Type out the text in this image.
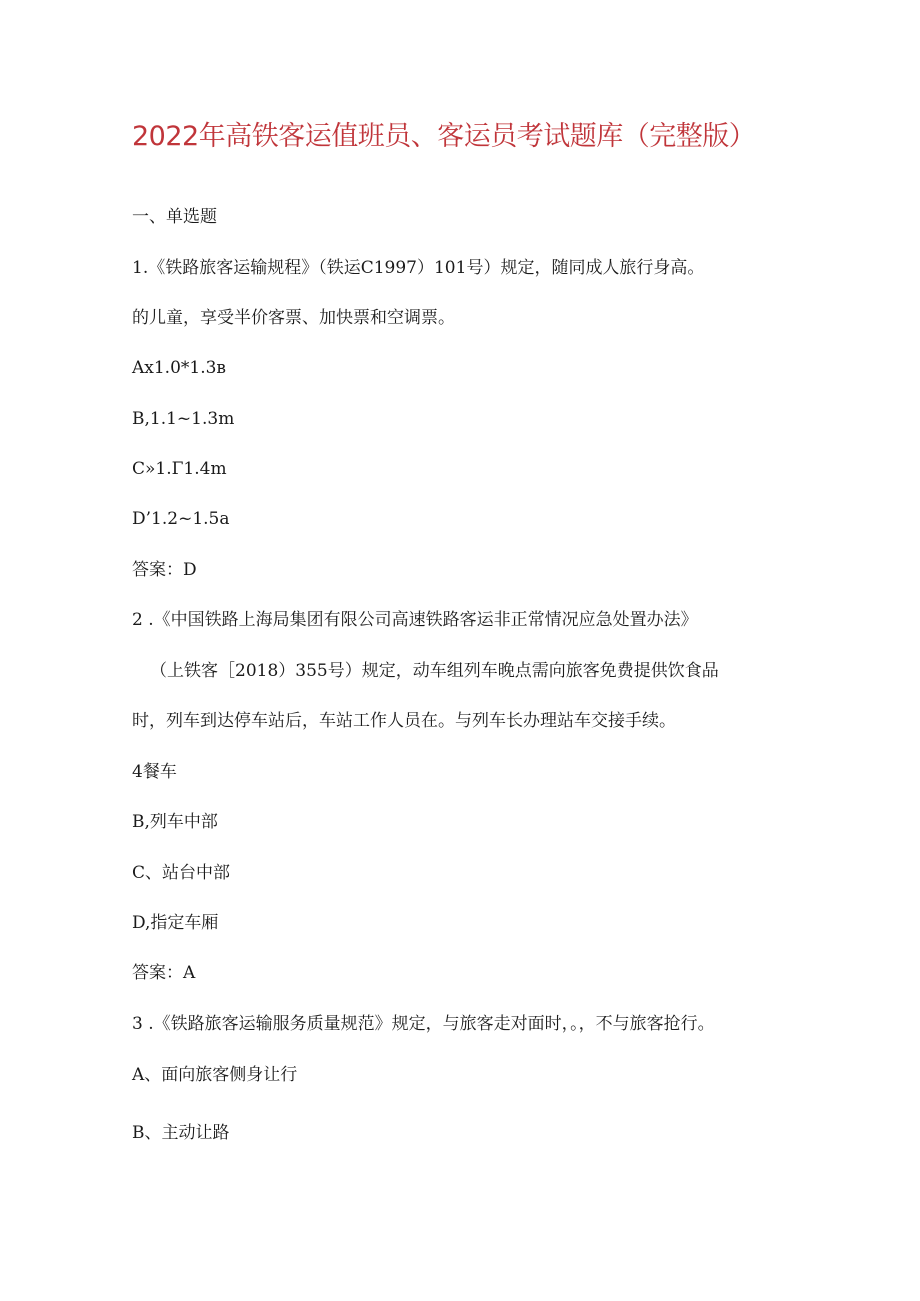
2022年高铁客运值班员、客运员考试题库（完整版）
一、单选题
1.《铁路旅客运输规程》（铁运C1997）101号）规定，随同成人旅行身高。
的儿童，享受半价客票、加快票和空调票。
Ax1.0*1.3в
B,1.1~1.3m
C»1.Γ1.4m
D’1.2~1.5a
答案：D
2 .《中国铁路上海局集团有限公司高速铁路客运非正常情况应急处置办法》
（上铁客［2018）355号）规定，动车组列车晚点需向旅客免费提供饮食品
时，列车到达停车站后，车站工作人员在。与列车长办理站车交接手续。
4餐车
B,列车中部
C、站台中部
D,指定车厢
答案：A
3 .《铁路旅客运输服务质量规范》规定，与旅客走对面时，。，不与旅客抢行。
A、面向旅客侧身让行
B、主动让路
